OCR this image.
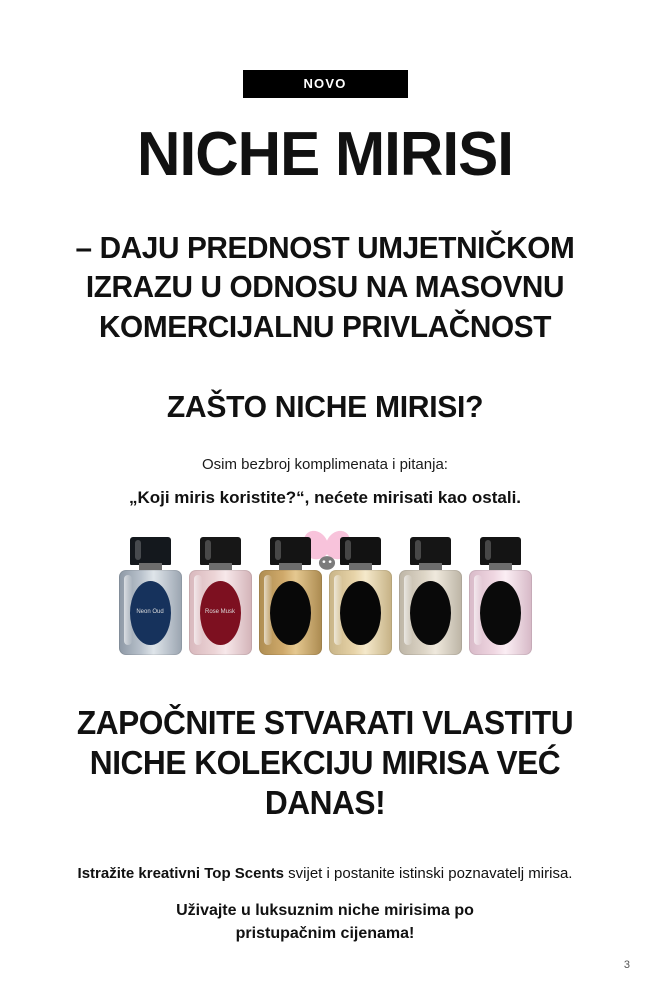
NOVO
NICHE MIRISI
– DAJU PREDNOST UMJETNIČKOM IZRAZU U ODNOSU NA MASOVNU KOMERCIJALNU PRIVLAČNOST
ZAŠTO NICHE MIRISI?

Osim bezbroj komplimenata i pitanja:

„Koji miris koristite?“, nećete mirisati kao ostali.

Neon Oud	Rose Musk
ZAPOČNITE STVARATI VLASTITU NICHE KOLEKCIJU MIRISA VEĆ DANAS!

Istražite kreativni Top Scents svijet i postanite istinski poznavatelj mirisa.

Uživajte u luksuznim niche mirisima po
pristupačnim cijenama!

3
